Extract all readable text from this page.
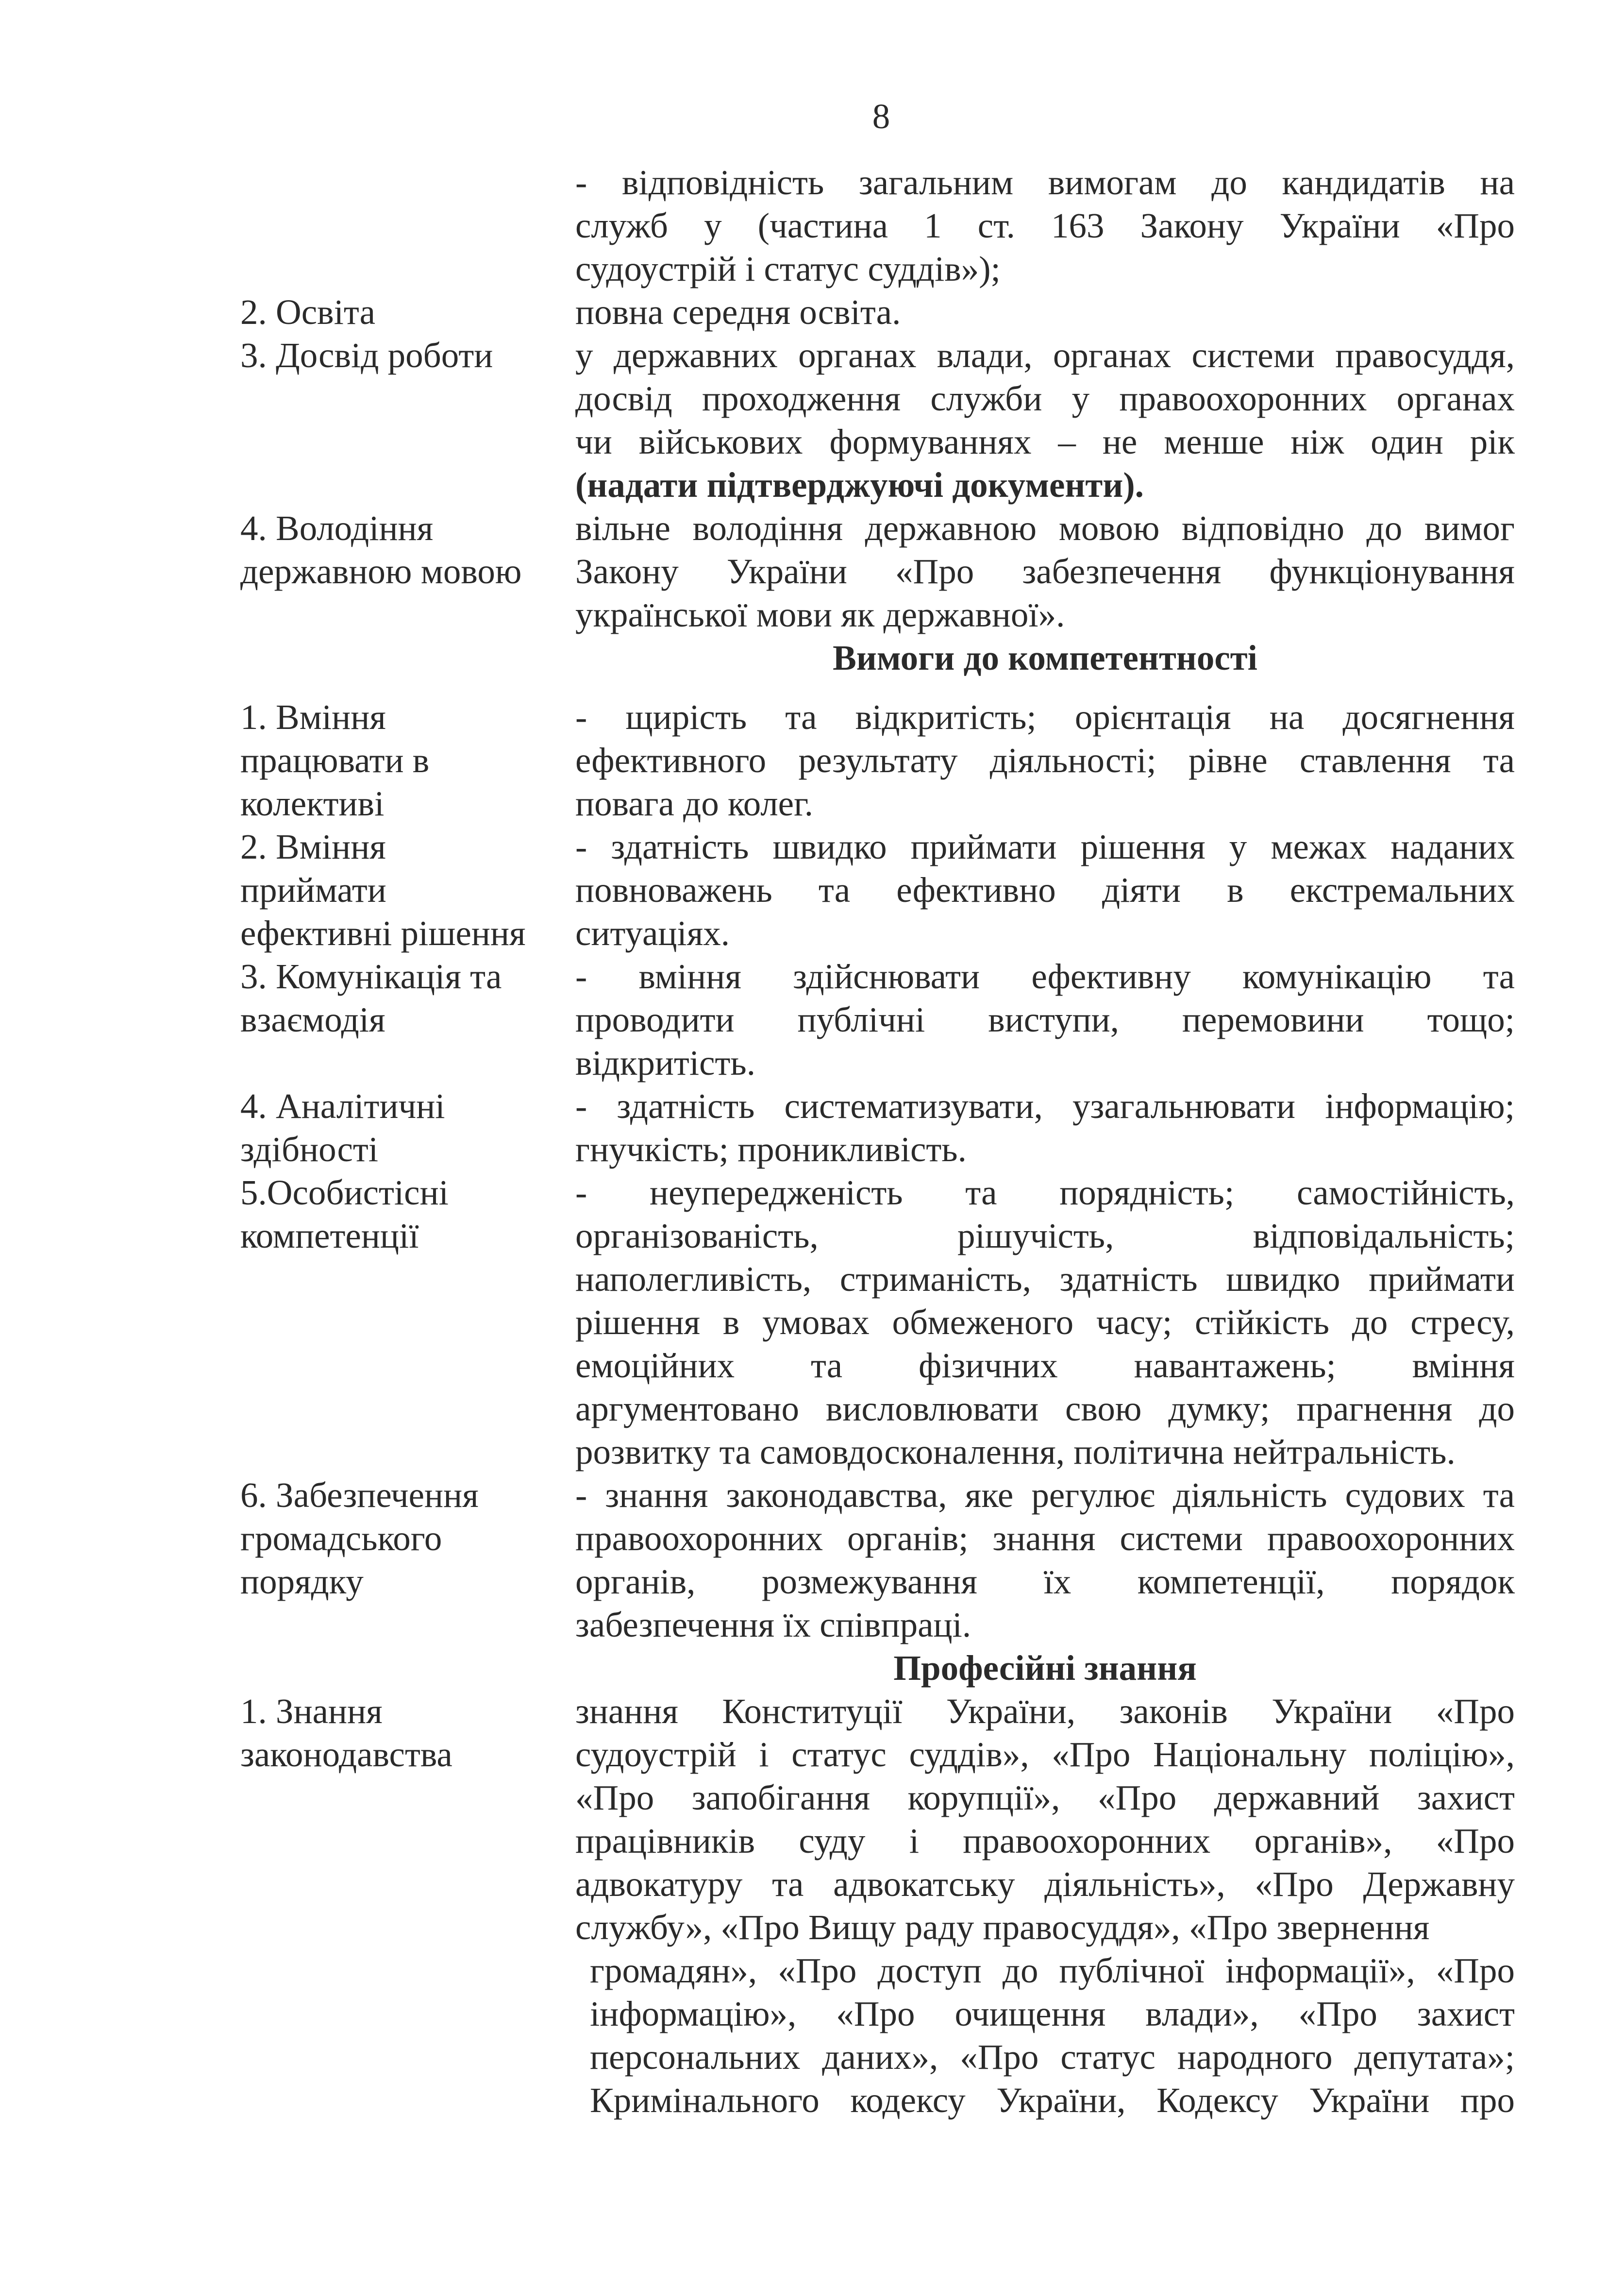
8
- відповідність загальним вимогам до кандидатів на
служб у (частина 1 ст. 163 Закону України «Про
судоустрій і статус суддів»);
2. Освіта	повна середня освіта.
3. Досвід роботи	у державних органах влади, органах системи правосуддя,
досвід проходження служби у правоохоронних органах
чи військових формуваннях – не менше ніж один рік
(надати підтверджуючі документи).
4. Володіння
державною мовою
вільне володіння державною мовою відповідно до вимог
Закону України «Про забезпечення функціонування
української мови як державної».
Вимоги до компетентності
1. Вміння
працювати в
колективі
- щирість та відкритість; орієнтація на досягнення
ефективного результату діяльності; рівне ставлення та
повага до колег.
2. Вміння
приймати
ефективні рішення
- здатність швидко приймати рішення у межах наданих
повноважень та ефективно діяти в екстремальних
ситуаціях.
3. Комунікація та
взаємодія
- вміння здійснювати ефективну комунікацію та
проводити публічні виступи, перемовини тощо;
відкритість.
4. Аналітичні
здібності
- здатність систематизувати, узагальнювати інформацію;
гнучкість; проникливість.
5.Особистісні
компетенції
- неупередженість та порядність; самостійність,
організованість, рішучість, відповідальність;
наполегливість, стриманість, здатність швидко приймати
рішення в умовах обмеженого часу; стійкість до стресу,
емоційних та фізичних навантажень; вміння
аргументовано висловлювати свою думку; прагнення до
розвитку та самовдосконалення, політична нейтральність.
6. Забезпечення
громадського
порядку
- знання законодавства, яке регулює діяльність судових та
правоохоронних органів; знання системи правоохоронних
органів, розмежування їх компетенції, порядок
забезпечення їх співпраці.
Професійні знання
1. Знання
законодавства
знання Конституції України, законів України «Про
судоустрій і статус суддів», «Про Національну поліцію»,
«Про запобігання корупції», «Про державний захист
працівників суду і правоохоронних органів», «Про
адвокатуру та адвокатську діяльність», «Про Державну
службу», «Про Вищу раду правосуддя», «Про звернення
громадян», «Про доступ до публічної інформації», «Про
інформацію», «Про очищення влади», «Про захист
персональних даних», «Про статус народного депутата»;
Кримінального кодексу України, Кодексу України про
